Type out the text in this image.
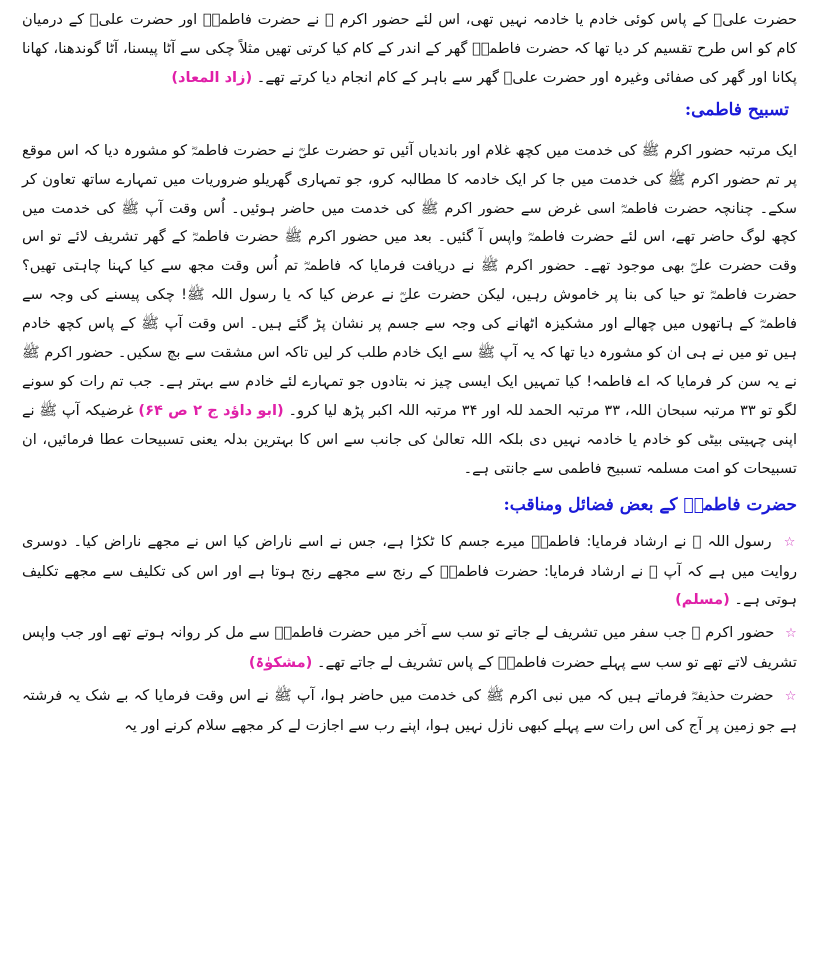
حضرت علیؓ کے پاس کوئی خادم یا خادمہ نہیں تھی، اس لئے حضور اکرم ﷺ نے حضرت فاطمہؓ اور حضرت علیؓ کے درمیان کام کو اس طرح تقسیم کر دیا تھا کہ حضرت فاطمہؓ گھر کے اندر کے کام کیا کرتی تھیں مثلاً چکی سے آٹا پیسنا، آٹا گوندھنا، کھانا پکانا اور گھر کی صفائی وغیرہ اور حضرت علیؓ گھر سے باہر کے کام انجام دیا کرتے تھے۔ (زاد المعاد)

تسبیح فاطمی:

ایک مرتبہ حضور اکرم ﷺ کی خدمت میں کچھ غلام اور باندیاں آئیں تو حضرت علیؓ نے حضرت فاطمہؓ کو مشورہ دیا کہ اس موقع پر تم حضور اکرم ﷺ کی خدمت میں جا کر ایک خادمہ کا مطالبہ کرو، جو تمہاری گھریلو ضروریات میں تمہارے ساتھ تعاون کر سکے۔ چنانچہ حضرت فاطمہؓ اسی غرض سے حضور اکرم ﷺ کی خدمت میں حاضر ہوئیں۔ اُس وقت آپ ﷺ کی خدمت میں کچھ لوگ حاضر تھے، اس لئے حضرت فاطمہؓ واپس آ گئیں۔ بعد میں حضور اکرم ﷺ حضرت فاطمہؓ کے گھر تشریف لائے تو اس وقت حضرت علیؓ بھی موجود تھے۔ حضور اکرم ﷺ نے دریافت فرمایا کہ فاطمہؓ تم اُس وقت مجھ سے کیا کہنا چاہتی تھیں؟ حضرت فاطمہؓ تو حیا کی بنا پر خاموش رہیں، لیکن حضرت علیؓ نے عرض کیا کہ یا رسول اللہ ﷺ! چکی پیسنے کی وجہ سے فاطمہؓ کے ہاتھوں میں چھالے اور مشکیزہ اٹھانے کی وجہ سے جسم پر نشان پڑ گئے ہیں۔ اس وقت آپ ﷺ کے پاس کچھ خادم ہیں تو میں نے ہی ان کو مشورہ دیا تھا کہ یہ آپ ﷺ سے ایک خادم طلب کر لیں تاکہ اس مشقت سے بچ سکیں۔ حضور اکرم ﷺ نے یہ سن کر فرمایا کہ اے فاطمہ! کیا تمہیں ایک ایسی چیز نہ بتادوں جو تمہارے لئے خادم سے بہتر ہے۔ جب تم رات کو سونے لگو تو ۳۳ مرتبہ سبحان اللہ، ۳۳ مرتبہ الحمد للہ اور ۳۴ مرتبہ اللہ اکبر پڑھ لیا کرو۔ (ابو داؤد ج ۲ ص ۶۴) غرضیکہ آپ ﷺ نے اپنی چہیتی بیٹی کو خادم یا خادمہ نہیں دی بلکہ اللہ تعالیٰ کی جانب سے اس کا بہترین بدلہ یعنی تسبیحات عطا فرمائیں، ان تسبیحات کو امت مسلمہ تسبیح فاطمی سے جانتی ہے۔

حضرت فاطمہؓ کے بعض فضائل ومناقب:

☆ رسول اللہ ﷺ نے ارشاد فرمایا: فاطمہؓ میرے جسم کا ٹکڑا ہے، جس نے اسے ناراض کیا اس نے مجھے ناراض کیا۔ دوسری روایت میں ہے کہ آپ ﷺ نے ارشاد فرمایا: حضرت فاطمہؓ کے رنج سے مجھے رنج ہوتا ہے اور اس کی تکلیف سے مجھے تکلیف ہوتی ہے۔ (مسلم)

☆ حضور اکرم ﷺ جب سفر میں تشریف لے جاتے تو سب سے آخر میں حضرت فاطمہؓ سے مل کر روانہ ہوتے تھے اور جب واپس تشریف لاتے تھے تو سب سے پہلے حضرت فاطمہؓ کے پاس تشریف لے جاتے تھے۔ (مشکوٰۃ)

☆ حضرت حذیفہؓ فرماتے ہیں کہ میں نبی اکرم ﷺ کی خدمت میں حاضر ہوا، آپ ﷺ نے اس وقت فرمایا کہ بے شک یہ فرشتہ ہے جو زمین پر آج کی اس رات سے پہلے کبھی نازل نہیں ہوا، اپنے رب سے اجازت لے کر مجھے سلام کرنے اور یہ
